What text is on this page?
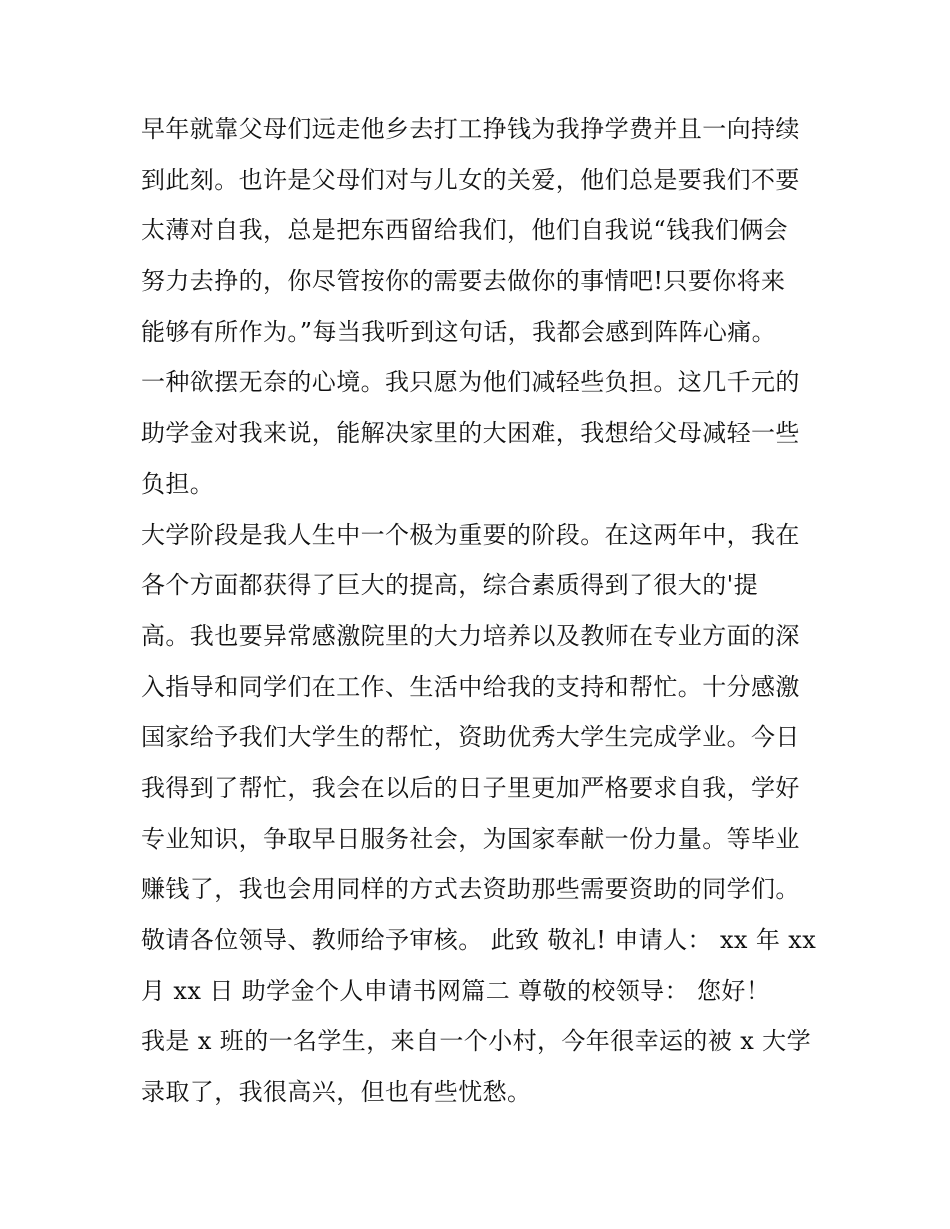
早年就靠父母们远走他乡去打工挣钱为我挣学费并且一向持续
到此刻。也许是父母们对与儿女的关爱，他们总是要我们不要
太薄对自我，总是把东西留给我们，他们自我说“钱我们俩会
努力去挣的，你尽管按你的需要去做你的事情吧!只要你将来
能够有所作为。”每当我听到这句话，我都会感到阵阵心痛。
一种欲摆无奈的心境。我只愿为他们减轻些负担。这几千元的
助学金对我来说，能解决家里的大困难，我想给父母减轻一些
负担。
大学阶段是我人生中一个极为重要的阶段。在这两年中，我在
各个方面都获得了巨大的提高，综合素质得到了很大的'提
高。我也要异常感激院里的大力培养以及教师在专业方面的深
入指导和同学们在工作、生活中给我的支持和帮忙。十分感激
国家给予我们大学生的帮忙，资助优秀大学生完成学业。今日
我得到了帮忙，我会在以后的日子里更加严格要求自我，学好
专业知识，争取早日服务社会，为国家奉献一份力量。等毕业
赚钱了，我也会用同样的方式去资助那些需要资助的同学们。
敬请各位领导、教师给予审核。 此致 敬礼! 申请人： xx 年 xx
月 xx 日 助学金个人申请书网篇二 尊敬的校领导： 您好！
我是 x 班的一名学生，来自一个小村，今年很幸运的被 x 大学
录取了，我很高兴，但也有些忧愁。
